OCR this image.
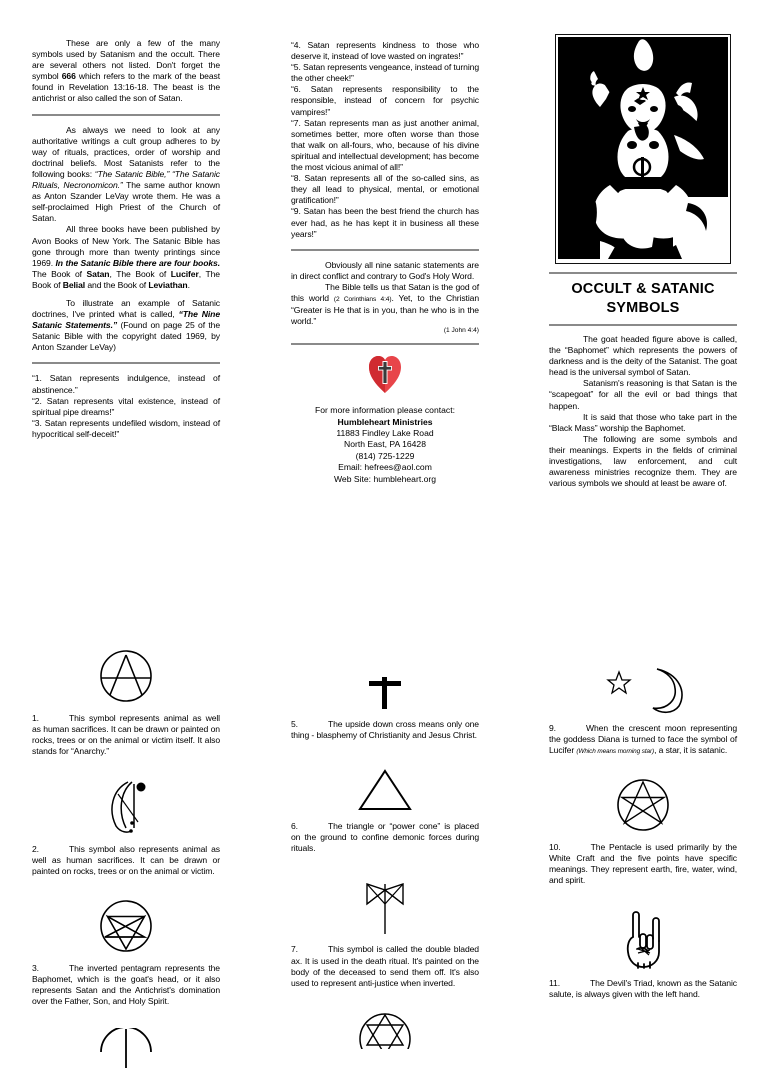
These are only a few of the many symbols used by Satanism and the occult. There are several others not listed. Don't forget the symbol 666 which refers to the mark of the beast found in Revelation 13:16-18. The beast is the antichrist or also called the son of Satan.

As always we need to look at any authoritative writings a cult group adheres to by way of rituals, practices, order of worship and doctrinal beliefs. Most Satanists refer to the following books: “The Satanic Bible,” “The Satanic Rituals, Necronomicon.” The same author known as Anton Szander LeVay wrote them. He was a self-proclaimed High Priest of the Church of Satan.

All three books have been published by Avon Books of New York. The Satanic Bible has gone through more than twenty printings since 1969. In the Satanic Bible there are four books. The Book of Satan, The Book of Lucifer, The Book of Belial and the Book of Leviathan.

To illustrate an example of Satanic doctrines, I've printed what is called, “The Nine Satanic Statements.” (Found on page 25 of the Satanic Bible with the copyright dated 1969, by Anton Szander LeVay)

“1. Satan represents indulgence, instead of abstinence.”

“2. Satan represents vital existence, instead of spiritual pipe dreams!”

“3. Satan represents undefiled wisdom, instead of hypocritical self-deceit!”

“4. Satan represents kindness to those who deserve it, instead of love wasted on ingrates!”

“5. Satan represents vengeance, instead of turning the other cheek!”

“6. Satan represents responsibility to the responsible, instead of concern for psychic vampires!”

“7. Satan represents man as just another animal, sometimes better, more often worse than those that walk on all-fours, who, because of his divine spiritual and intellectual development; has become the most vicious animal of all!”

“8. Satan represents all of the so-called sins, as they all lead to physical, mental, or emotional gratification!”

“9. Satan has been the best friend the church has ever had, as he has kept it in business all these years!”

Obviously all nine satanic statements are in direct conflict and contrary to God's Holy Word.

The Bible tells us that Satan is the god of this world (2 Corinthians 4:4). Yet, to the Christian “Greater is He that is in you, than he who is in the world.”

(1 John 4:4)
For more information please contact:
Humbleheart Ministries
11883 Findley Lake Road
North East, PA 16428
(814) 725-1229
Email: hefrees@aol.com
Web Site: humbleheart.org
OCCULT & SATANIC SYMBOLS

The goat headed figure above is called, the “Baphomet” which represents the powers of darkness and is the deity of the Satanist. The goat head is the universal symbol of Satan.

Satanism's reasoning is that Satan is the “scapegoat” for all the evil or bad things that happen.

It is said that those who take part in the “Black Mass” worship the Baphomet.

The following are some symbols and their meanings. Experts in the fields of criminal investigations, law enforcement, and cult awareness ministries recognize them. They are various symbols we should at least be aware of.

1.	This symbol represents animal as well as human sacrifices. It can be drawn or painted on rocks, trees or on the animal or victim itself. It also stands for “Anarchy.”

2.	This symbol also represents animal as well as human sacrifices. It can be drawn or painted on rocks, trees or on the animal or victim.

3.	The inverted pentagram represents the Baphomet, which is the goat's head, or it also represents Satan and the Antichrist's domination over the Father, Son, and Holy Spirit.

5.	The upside down cross means only one thing - blasphemy of Christianity and Jesus Christ.

6.	The triangle or “power cone” is placed on the ground to confine demonic forces during rituals.

7.	This symbol is called the double bladed ax. It is used in the death ritual. It's painted on the body of the deceased to send them off. It's also used to represent anti-justice when inverted.

9.	When the crescent moon representing the goddess Diana is turned to face the symbol of Lucifer (Which means morning star), a star, it is satanic.

10.	The Pentacle is used primarily by the White Craft and the five points have specific meanings. They represent earth, fire, water, wind, and spirit.

11.	The Devil's Triad, known as the Satanic salute, is always given with the left hand.
